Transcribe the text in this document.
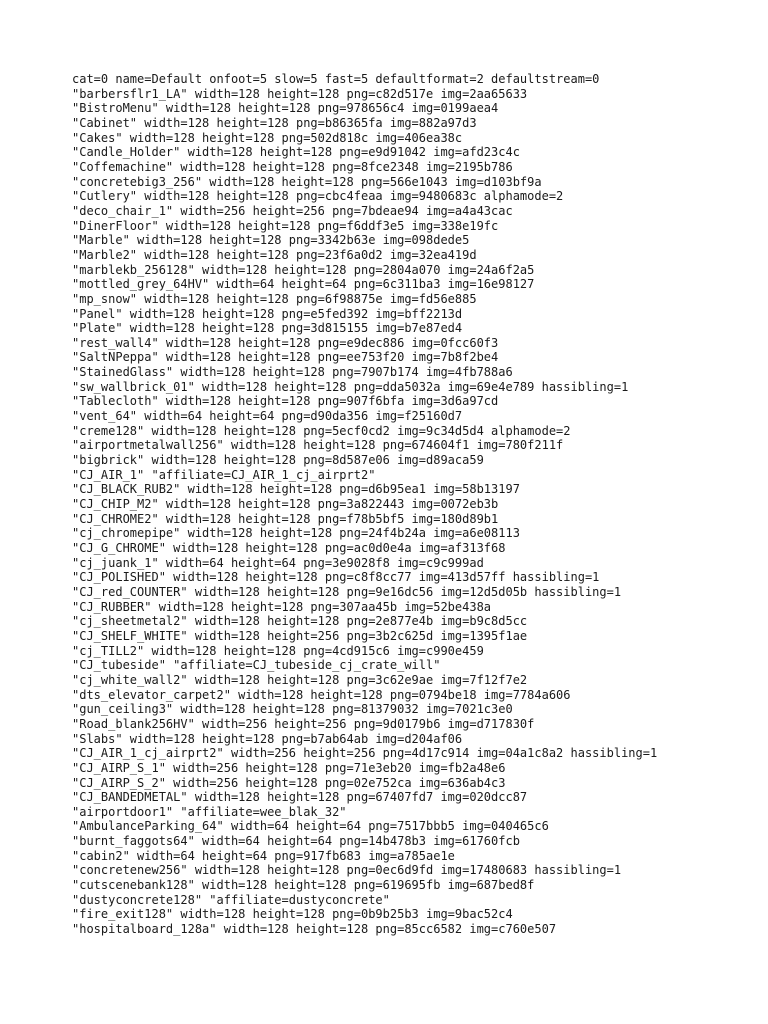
cat=0 name=Default onfoot=5 slow=5 fast=5 defaultformat=2 defaultstream=0
"barbersflr1_LA" width=128 height=128 png=c82d517e img=2aa65633
"BistroMenu" width=128 height=128 png=978656c4 img=0199aea4
"Cabinet" width=128 height=128 png=b86365fa img=882a97d3
"Cakes" width=128 height=128 png=502d818c img=406ea38c
"Candle_Holder" width=128 height=128 png=e9d91042 img=afd23c4c
"Coffemachine" width=128 height=128 png=8fce2348 img=2195b786
"concretebig3_256" width=128 height=128 png=566e1043 img=d103bf9a
"Cutlery" width=128 height=128 png=cbc4feaa img=9480683c alphamode=2
"deco_chair_1" width=256 height=256 png=7bdeae94 img=a4a43cac
"DinerFloor" width=128 height=128 png=f6ddf3e5 img=338e19fc
"Marble" width=128 height=128 png=3342b63e img=098dede5
"Marble2" width=128 height=128 png=23f6a0d2 img=32ea419d
"marblekb_256128" width=128 height=128 png=2804a070 img=24a6f2a5
"mottled_grey_64HV" width=64 height=64 png=6c311ba3 img=16e98127
"mp_snow" width=128 height=128 png=6f98875e img=fd56e885
"Panel" width=128 height=128 png=e5fed392 img=bff2213d
"Plate" width=128 height=128 png=3d815155 img=b7e87ed4
"rest_wall4" width=128 height=128 png=e9dec886 img=0fcc60f3
"SaltNPeppa" width=128 height=128 png=ee753f20 img=7b8f2be4
"StainedGlass" width=128 height=128 png=7907b174 img=4fb788a6
"sw_wallbrick_01" width=128 height=128 png=dda5032a img=69e4e789 hassibling=1
"Tablecloth" width=128 height=128 png=907f6bfa img=3d6a97cd
"vent_64" width=64 height=64 png=d90da356 img=f25160d7
"creme128" width=128 height=128 png=5ecf0cd2 img=9c34d5d4 alphamode=2
"airportmetalwall256" width=128 height=128 png=674604f1 img=780f211f
"bigbrick" width=128 height=128 png=8d587e06 img=d89aca59
"CJ_AIR_1" "affiliate=CJ_AIR_1_cj_airprt2"
"CJ_BLACK_RUB2" width=128 height=128 png=d6b95ea1 img=58b13197
"CJ_CHIP_M2" width=128 height=128 png=3a822443 img=0072eb3b
"CJ_CHROME2" width=128 height=128 png=f78b5bf5 img=180d89b1
"cj_chromepipe" width=128 height=128 png=24f4b24a img=a6e08113
"CJ_G_CHROME" width=128 height=128 png=ac0d0e4a img=af313f68
"cj_juank_1" width=64 height=64 png=3e9028f8 img=c9c999ad
"CJ_POLISHED" width=128 height=128 png=c8f8cc77 img=413d57ff hassibling=1
"CJ_red_COUNTER" width=128 height=128 png=9e16dc56 img=12d5d05b hassibling=1
"CJ_RUBBER" width=128 height=128 png=307aa45b img=52be438a
"cj_sheetmetal2" width=128 height=128 png=2e877e4b img=b9c8d5cc
"CJ_SHELF_WHITE" width=128 height=256 png=3b2c625d img=1395f1ae
"cj_TILL2" width=128 height=128 png=4cd915c6 img=c990e459
"CJ_tubeside" "affiliate=CJ_tubeside_cj_crate_will"
"cj_white_wall2" width=128 height=128 png=3c62e9ae img=7f12f7e2
"dts_elevator_carpet2" width=128 height=128 png=0794be18 img=7784a606
"gun_ceiling3" width=128 height=128 png=81379032 img=7021c3e0
"Road_blank256HV" width=256 height=256 png=9d0179b6 img=d717830f
"Slabs" width=128 height=128 png=b7ab64ab img=d204af06
"CJ_AIR_1_cj_airprt2" width=256 height=256 png=4d17c914 img=04a1c8a2 hassibling=1
"CJ_AIRP_S_1" width=256 height=128 png=71e3eb20 img=fb2a48e6
"CJ_AIRP_S_2" width=256 height=128 png=02e752ca img=636ab4c3
"CJ_BANDEDMETAL" width=128 height=128 png=67407fd7 img=020dcc87
"airportdoor1" "affiliate=wee_blak_32"
"AmbulanceParking_64" width=64 height=64 png=7517bbb5 img=040465c6
"burnt_faggots64" width=64 height=64 png=14b478b3 img=61760fcb
"cabin2" width=64 height=64 png=917fb683 img=a785ae1e
"concretenew256" width=128 height=128 png=0ec6d9fd img=17480683 hassibling=1
"cutscenebank128" width=128 height=128 png=619695fb img=687bed8f
"dustyconcrete128" "affiliate=dustyconcrete"
"fire_exit128" width=128 height=128 png=0b9b25b3 img=9bac52c4
"hospitalboard_128a" width=128 height=128 png=85cc6582 img=c760e507
